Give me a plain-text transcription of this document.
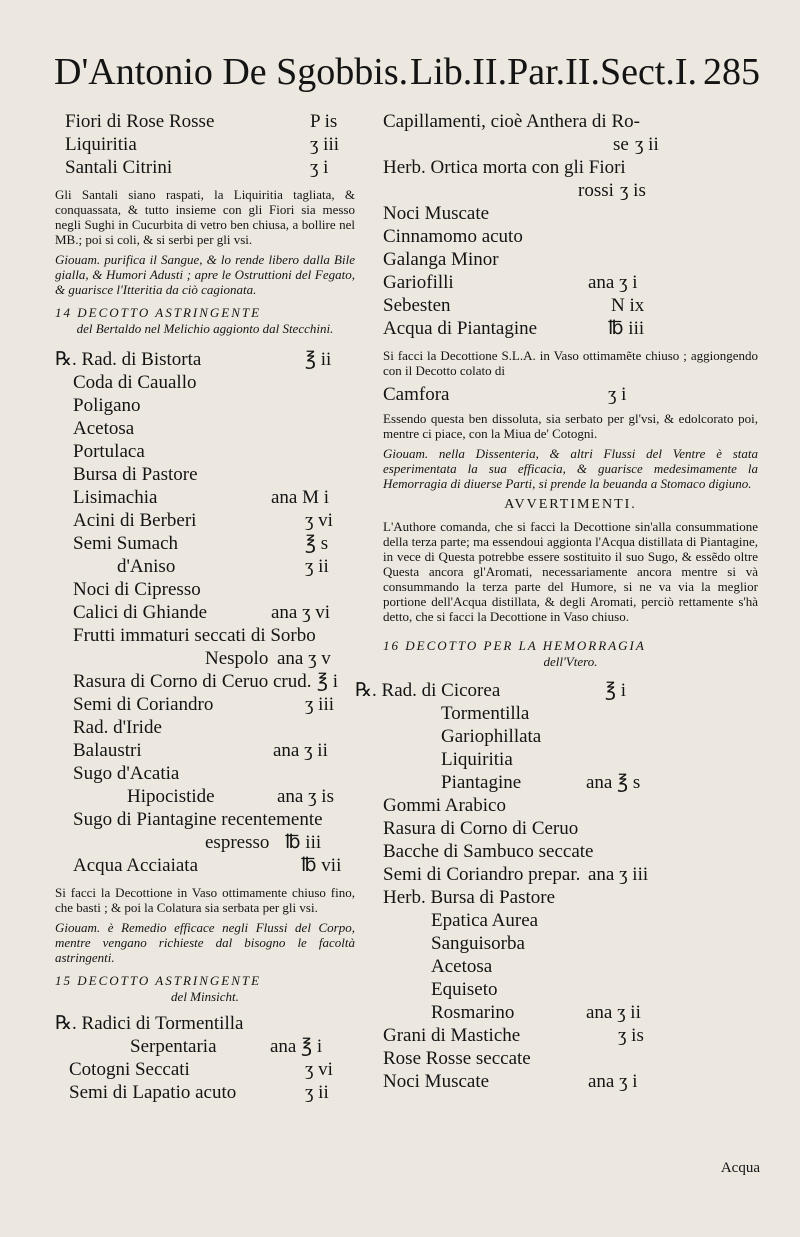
D'Antonio De Sgobbis. Lib.II.Par.II.Sect.I. 285
Fiori di Rose Rosse	P is
Liquiritia	ʒ iii
Santali Citrini	ʒ i
Gli Santali siano raspati, la Liquiritia tagliata, & conquassata, & tutto insieme con gli Fiori sia messo negli Sughi in Cucurbita di vetro ben chiusa, a bollire nel MB.; poi si coli, & si serbi per gli vsi.
Giouam. purifica il Sangue, & lo rende libero dalla Bile gialla, & Humori Adusti ; apre le Ostruttioni del Fegato, & guarisce l'Itteritia da ciò cagionata.
14 DECOTTO ASTRINGENTE
del Bertaldo nel Melichio aggionto dal Stecchini.
℞. Rad. di Bistorta	℥ ii
Coda di Cauallo
Poligano
Acetosa
Portulaca
Bursa di Pastore
Lisimachia	ana M i
Acini di Berberi	ʒ vi
Semi Sumach	℥ s
d'Aniso	ʒ ii
Noci di Cipresso
Calici di Ghiande	ana ʒ vi
Frutti immaturi seccati di Sorbo
Nespolo ana ʒ v
Rasura di Corno di Ceruo crud. ℥ i
Semi di Coriandro	ʒ iii
Rad. d'Iride
Balaustri	ana ʒ ii
Sugo d'Acatia
Hipocistide	ana ʒ is
Sugo di Piantagine recentemente
espresso ℔ iii
Acqua Acciaiata	℔ vii
Si facci la Decottione in Vaso ottimamente chiuso fino, che basti ; & poi la Colatura sia serbata per gli vsi.
Giouam. è Remedio efficace negli Flussi del Corpo, mentre vengano richieste dal bisogno le facoltà astringenti.
15 DECOTTO ASTRINGENTE
del Minsicht.
℞. Radici di Tormentilla
Serpentaria	ana ℥ i
Cotogni Seccati	ʒ vi
Semi di Lapatio acuto	ʒ ii
Capillamenti, cioè Anthera di Ro-
se ʒ ii
Herb. Ortica morta con gli Fiori
rossi ʒ is
Noci Muscate
Cinnamomo acuto
Galanga Minor
Gariofilli	ana ʒ i
Sebesten	N ix
Acqua di Piantagine	℔ iii
Si facci la Decottione S.L.A. in Vaso ottimamẽte chiuso ; aggiongendo con il Decotto colato di
Camfora	ʒ i
Essendo questa ben dissoluta, sia serbato per gl'vsi, & edolcorato poi, mentre ci piace, con la Miua de' Cotogni.
Giouam. nella Dissenteria, & altri Flussi del Ventre è stata esperimentata la sua efficacia, & guarisce medesimamente la Hemorragia di diuerse Parti, si prende la beuanda a Stomaco digiuno.
AVVERTIMENTI.
L'Authore comanda, che si facci la Decottione sin'alla consummatione della terza parte; ma essendoui aggionta l'Acqua distillata di Piantagine, in vece di Questa potrebbe essere sostituito il suo Sugo, & essẽdo oltre Questa ancora gl'Aromati, necessariamente ancora mentre si và consummando la terza parte del Humore, si ne va via la meglior portione dell'Acqua distillata, & degli Aromati, perciò rettamente s'hà detto, che si facci la Decottione in Vaso chiuso.
16 DECOTTO PER LA HEMORRAGIA
dell'Vtero.
℞. Rad. di Cicorea	℥ i
Tormentilla
Gariophillata
Liquiritia
Piantagine	ana ℥ s
Gommi Arabico
Rasura di Corno di Ceruo
Bacche di Sambuco seccate
Semi di Coriandro prepar. ana ʒ iii
Herb. Bursa di Pastore
Epatica Aurea
Sanguisorba
Acetosa
Equiseto
Rosmarino	ana ʒ ii
Grani di Mastiche	ʒ is
Rose Rosse seccate
Noci Muscate	ana ʒ i
Acqua
